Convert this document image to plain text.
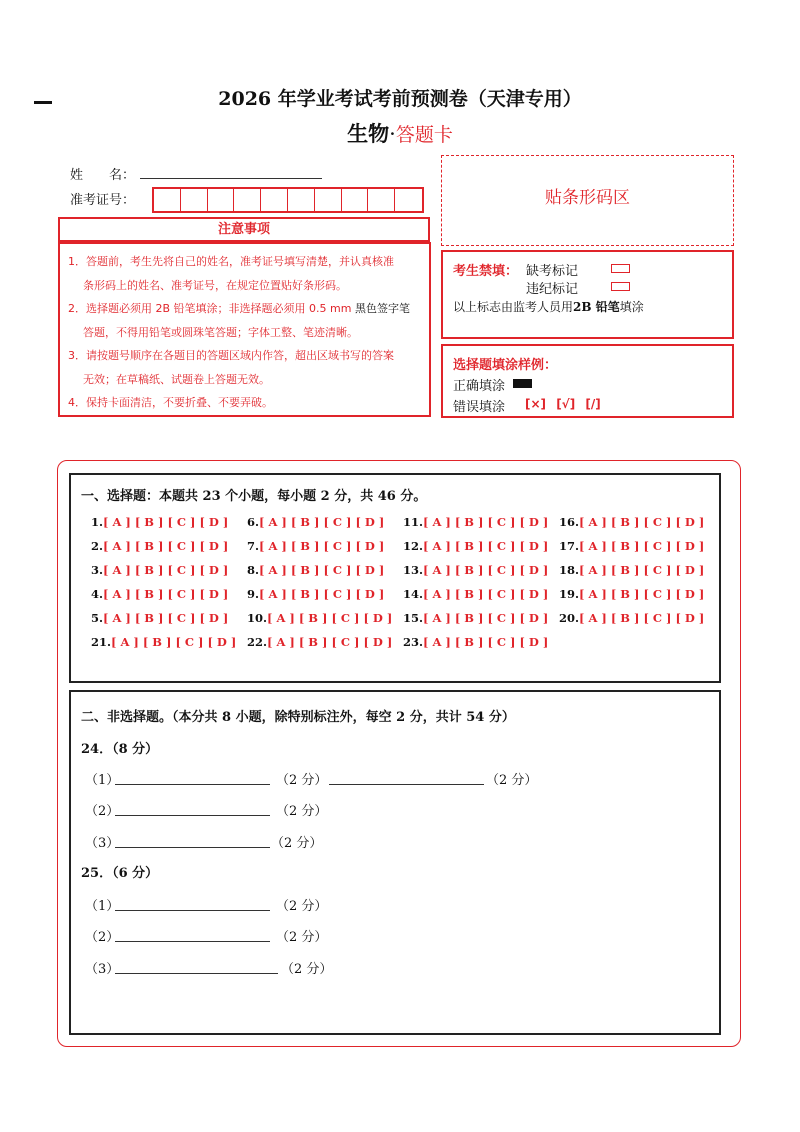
2026 年学业考试考前预测卷（天津专用）
生物·答题卡
姓　　名：
准考证号：
注意事项
1．答题前，考生先将自己的姓名，准考证号填写清楚，并认真核准
条形码上的姓名、准考证号，在规定位置贴好条形码。
2．选择题必须用 2B 铅笔填涂；非选择题必须用 0.5 mm 黑色签字笔
答题，不得用铅笔或圆珠笔答题；字体工整、笔迹清晰。
3．请按题号顺序在各题目的答题区域内作答，超出区域书写的答案
无效；在草稿纸、试题卷上答题无效。
4．保持卡面清洁，不要折叠、不要弄破。
贴条形码区
考生禁填： 缺考标记
违纪标记
以上标志由监考人员用2B 铅笔填涂
选择题填涂样例：
正确填涂
错误填涂 [×] [√] [/]
一、选择题：本题共 23 个小题，每小题 2 分，共 46 分。
1.[ A ] [ B ] [ C ] [ D ]
2.[ A ] [ B ] [ C ] [ D ]
3.[ A ] [ B ] [ C ] [ D ]
4.[ A ] [ B ] [ C ] [ D ]
5.[ A ] [ B ] [ C ] [ D ]
6.[ A ] [ B ] [ C ] [ D ]
7.[ A ] [ B ] [ C ] [ D ]
8.[ A ] [ B ] [ C ] [ D ]
9.[ A ] [ B ] [ C ] [ D ]
10.[ A ] [ B ] [ C ] [ D ]
11.[ A ] [ B ] [ C ] [ D ]
12.[ A ] [ B ] [ C ] [ D ]
13.[ A ] [ B ] [ C ] [ D ]
14.[ A ] [ B ] [ C ] [ D ]
15.[ A ] [ B ] [ C ] [ D ]
16.[ A ] [ B ] [ C ] [ D ]
17.[ A ] [ B ] [ C ] [ D ]
18.[ A ] [ B ] [ C ] [ D ]
19.[ A ] [ B ] [ C ] [ D ]
20.[ A ] [ B ] [ C ] [ D ]
21.[ A ] [ B ] [ C ] [ D ] 22.[ A ] [ B ] [ C ] [ D ] 23.[ A ] [ B ] [ C ] [ D ]
二、非选择题。（本分共 8 小题，除特别标注外，每空 2 分，共计 54 分）
24．（8 分）
（1）	（2 分）	（2 分）
（2）	（2 分）
（3）	（2 分）
25．（6 分）
（1）	（2 分）
（2）	（2 分）
（3）	（2 分）
